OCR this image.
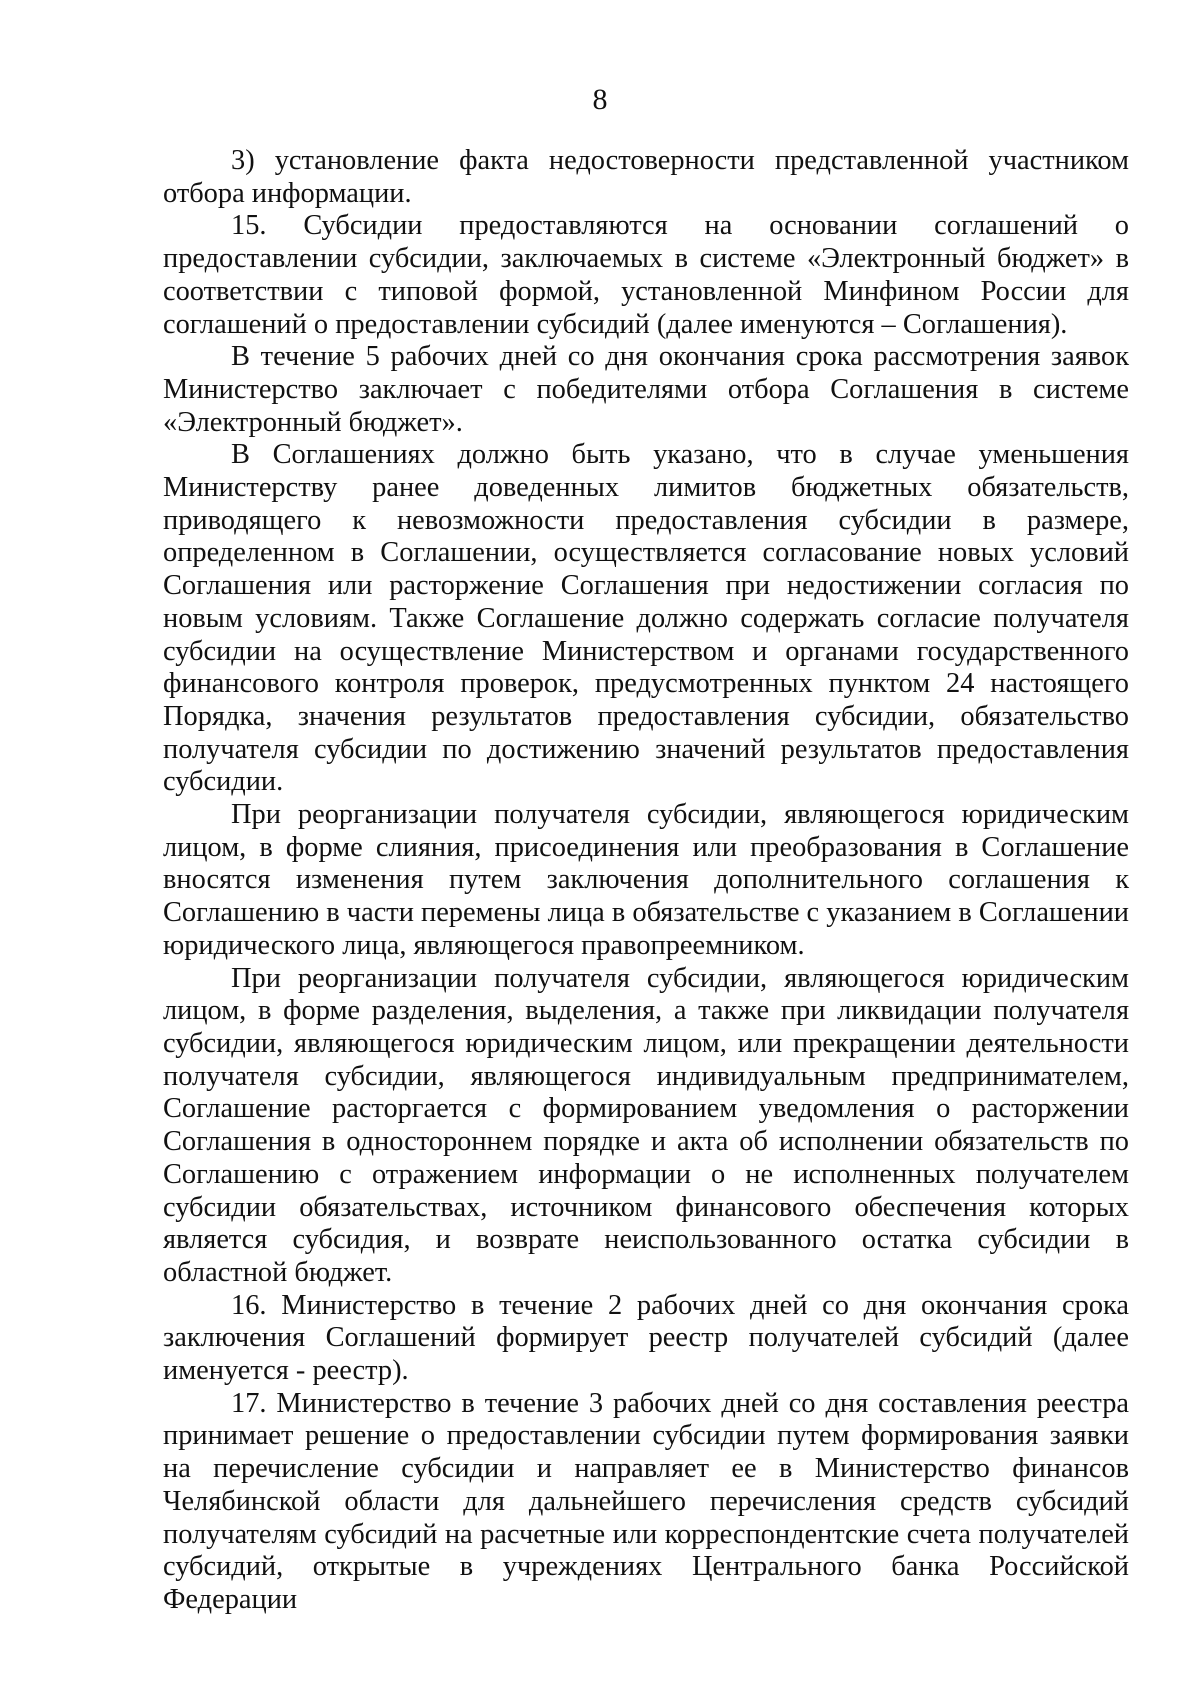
8

3) установление факта недостоверности представленной участником отбора информации.

15. Субсидии предоставляются на основании соглашений о предоставлении субсидии, заключаемых в системе «Электронный бюджет» в соответствии с типовой формой, установленной Минфином России для соглашений о предоставлении субсидий (далее именуются – Соглашения).

В течение 5 рабочих дней со дня окончания срока рассмотрения заявок Министерство заключает с победителями отбора Соглашения в системе «Электронный бюджет».

В Соглашениях должно быть указано, что в случае уменьшения Министерству ранее доведенных лимитов бюджетных обязательств, приводящего к невозможности предоставления субсидии в размере, определенном в Соглашении, осуществляется согласование новых условий Соглашения или расторжение Соглашения при недостижении согласия по новым условиям. Также Соглашение должно содержать согласие получателя субсидии на осуществление Министерством и органами государственного финансового контроля проверок, предусмотренных пунктом 24 настоящего Порядка, значения результатов предоставления субсидии, обязательство получателя субсидии по достижению значений результатов предоставления субсидии.

При реорганизации получателя субсидии, являющегося юридическим лицом, в форме слияния, присоединения или преобразования в Соглашение вносятся изменения путем заключения дополнительного соглашения к Соглашению в части перемены лица в обязательстве с указанием в Соглашении юридического лица, являющегося правопреемником.

При реорганизации получателя субсидии, являющегося юридическим лицом, в форме разделения, выделения, а также при ликвидации получателя субсидии, являющегося юридическим лицом, или прекращении деятельности получателя субсидии, являющегося индивидуальным предпринимателем, Соглашение расторгается с формированием уведомления о расторжении Соглашения в одностороннем порядке и акта об исполнении обязательств по Соглашению с отражением информации о не исполненных получателем субсидии обязательствах, источником финансового обеспечения которых является субсидия, и возврате неиспользованного остатка субсидии в областной бюджет.

16. Министерство в течение 2 рабочих дней со дня окончания срока заключения Соглашений формирует реестр получателей субсидий (далее именуется - реестр).

17. Министерство в течение 3 рабочих дней со дня составления реестра принимает решение о предоставлении субсидии путем формирования заявки на перечисление субсидии и направляет ее в Министерство финансов Челябинской области для дальнейшего перечисления средств субсидий получателям субсидий на расчетные или корреспондентские счета получателей субсидий, открытые в учреждениях Центрального банка Российской Федерации
